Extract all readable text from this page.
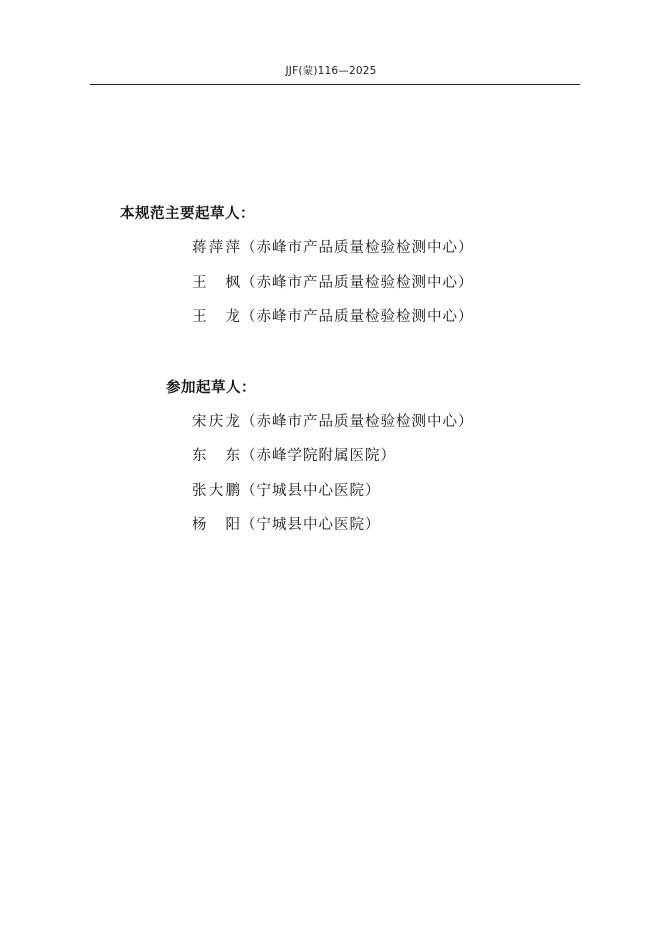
JJF(蒙)116—2025
本规范主要起草人：
蒋萍萍（赤峰市产品质量检验检测中心）
王 枫（赤峰市产品质量检验检测中心）
王 龙（赤峰市产品质量检验检测中心）
参加起草人：
宋庆龙（赤峰市产品质量检验检测中心）
东 东（赤峰学院附属医院）
张大鹏（宁城县中心医院）
杨 阳（宁城县中心医院）
